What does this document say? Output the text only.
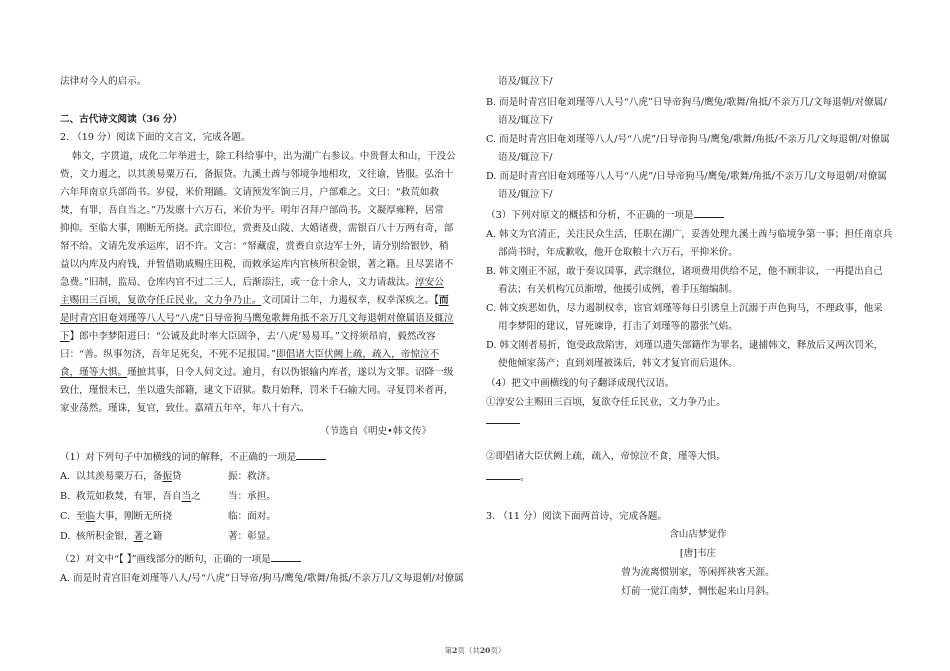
法律对今人的启示。
二、古代诗文阅读（36 分）
2. （19 分）阅读下面的文言文，完成各题。
韩文，字贯道，成化二年举进士，除工科给事中，出为湖广右参议。中贵督太和山，干没公
赀，文力遏之，以其羡易粟万石，备振贷。九溪土酋与邻境争地相攻，文往谕，皆服。弘治十
六年拜南京兵部尚书。岁侵，米价翔踊。文请预发军饷三月，户部难之。文曰：“救荒如救
焚，有罪，吾自当之。”乃发廪十六万石，米价为平。明年召拜户部尚书。文凝厚雍粹，居常
抑抑。至临大事，刚断无所挠。武宗即位，赏赉及山陵、大婚诸费，需银百八十万两有奇，部
帑不给。文请先发承运库，诏不许。文言：“帑藏虚，赏赉自京边军士外，请分别给银钞，稍
益以内库及内府钱，并暂借勋戚赐庄田税，而敕承运库内官核所积金银，著之籍。且尽罢诸不
急费。”旧制，监局、仓库内官不过二三人，后渐添注，或一仓十余人，文力请裁汰。淳安公
主赐田三百顷，复欲夺任丘民业，文力争乃止。文司国计二年，力遏权幸，权幸深疾之。【而
是时青宫旧奄刘瑾等八人号“八虎”日导帝狗马鹰兔歌舞角抵不亲万几文每退朝对僚属语及辄泣
下】郎中李梦阳进曰：“公诚及此时率大臣固争，去‘八虎’易易耳。”文捋须昂肩，毅然改容
曰：“善。纵事勿济，吾年足死矣，不死不足报国。”即倡诸大臣伏阙上疏，疏入，帝惊泣不
食，瑾等大惧。瑾摭其事，日令人伺文过。逾月，有以伪银输内库者，遂以为文罪。诏降一级
致仕，瑾恨未已，坐以遗失部籍，逮文下诏狱。数月始释，罚米千石输大同。寻复罚米者再，
家业荡然。瑾诛，复官，致仕。嘉靖五年卒，年八十有六。
（节选自《明史•韩文传》
（1）对下列句子中加横线的词的解释，不正确的一项是
A. 以其羡易粟万石，备振贷	振：救济。
B. 救荒如救焚，有罪，吾自当之	当：承担。
C. 至临大事，刚断无所挠	临：面对。
D. 核所积金银，著之籍	著：彰显。
（2）对文中“【 】”画线部分的断句，正确的一项是
A. 而是时青宫旧奄刘瑾等八人/号“八虎”日导帝/狗马/鹰兔/歌舞/角抵/不亲万几/文每退朝/对僚属
语及/辄泣下/
B. 而是时青宫旧奄刘瑾等八人号“八虎”日导帝狗马/鹰兔/歌舞/角抵/不亲万几/文每退朝/对僚属/
语及/辄泣下/
C. 而是时青宫旧奄刘瑾等八人/号“八虎”/日导帝狗马/鹰兔/歌舞/角抵/不亲万几/文每退朝/对僚属
语及/辄泣下/
D. 而是时青宫旧奄刘瑾等八人号“八虎”/日导帝狗马/鹰兔/歌舞/角抵/不亲万几/文每退朝/对僚属
语及/辄泣下/
（3）下列对原文的概括和分析，不正确的一项是
A. 韩文为官清正，关注民众生活，任职在湖广，妥善处理九溪土酋与临境争第一事；担任南京兵
部尚书时，年成歉收，他开仓取粮十六万石，平抑米价。
B. 韩文刚正不屈，敢于奏议国事，武宗继位，诸项费用供给不足，他不顾非议，一再提出自己
看法；有关机构冗员渐增，他援引成例，着手压缩编制。
C. 韩文疾恶如仇，尽力遏制权幸，宦官刘瑾等每日引诱皇上沉溺于声色狗马，不理政事，他采
用李梦阳的建议，冒死谏诤，打击了刘瑾等的嚣张气焰。
D. 韩文刚者易折，饱受政敌陷害，刘瑾以遗失部籍作为罪名，逮捕韩文，释放后又两次罚米，
使他倾家荡产；直到刘瑾被诛后，韩文才复官而后退休。
（4）把文中画横线的句子翻译成现代汉语。
①淳安公主赐田三百顷，复欲夺任丘民业，文力争乃止。
②即倡诸大臣伏阙上疏，疏入，帝惊泣不食，瑾等大惧。
。
3. （11 分）阅读下面两首诗，完成各题。
含山店梦觉作
[唐]韦庄
曾为流离惯别家，等闲挥袂客天涯。
灯前一觉江南梦，惆怅起来山月斜。
第2页（共20页）
